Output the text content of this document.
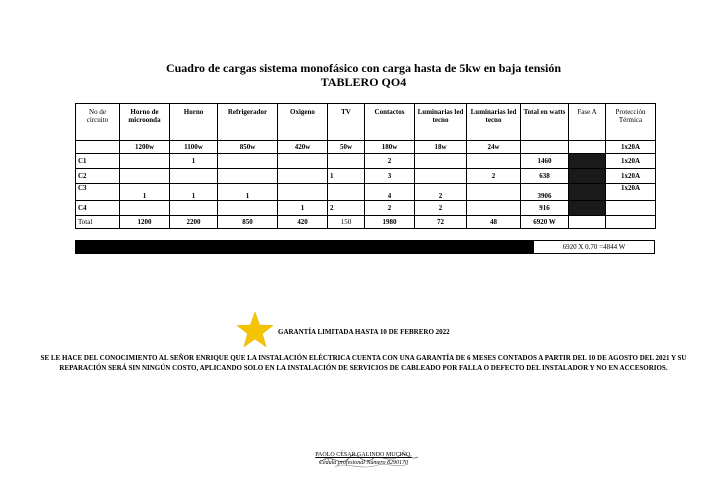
Cuadro de cargas sistema monofásico con carga hasta de 5kw en baja tensión
TABLERO QO4
No de circuito	Horno de microonda	Horno	Refrigerador	Oxigeno	TV	Contactos	Luminarias led tecno	Luminarias led tecno	Total en watts	Fase A	Protección Térmica
	1200w	1100w	850w	420w	50w	180w	18w	24w			1x20A
C1		1				2			1460		1x20A
C2					1	3		2	638		1x20A
C3	1	1	1			4	2		3906		1x20A
C4				1	2	2	2		916		
Total	1200	2200	850	420	150	1980	72	48	6920 W		
6920 X 0.70 =4844 W
GARANTÍA LIMITADA HASTA 10 DE FEBRERO 2022
SE LE HACE DEL CONOCIMIENTO AL SEÑOR ENRIQUE QUE LA INSTALACIÓN ELÉCTRICA CUENTA CON UNA GARANTÍA DE 6 MESES CONTADOS A PARTIR DEL 10 DE AGOSTO DEL 2021 Y SU
REPARACIÓN SERÁ SIN NINGÚN COSTO, APLICANDO SOLO EN LA INSTALACIÓN DE SERVICIOS DE CABLEADO POR FALLA O DEFECTO DEL INSTALADOR Y NO EN ACCESORIOS.
PAOLO CÉSAR GALINDO MUCIÑO.
Cédula profesional Número 8290170
